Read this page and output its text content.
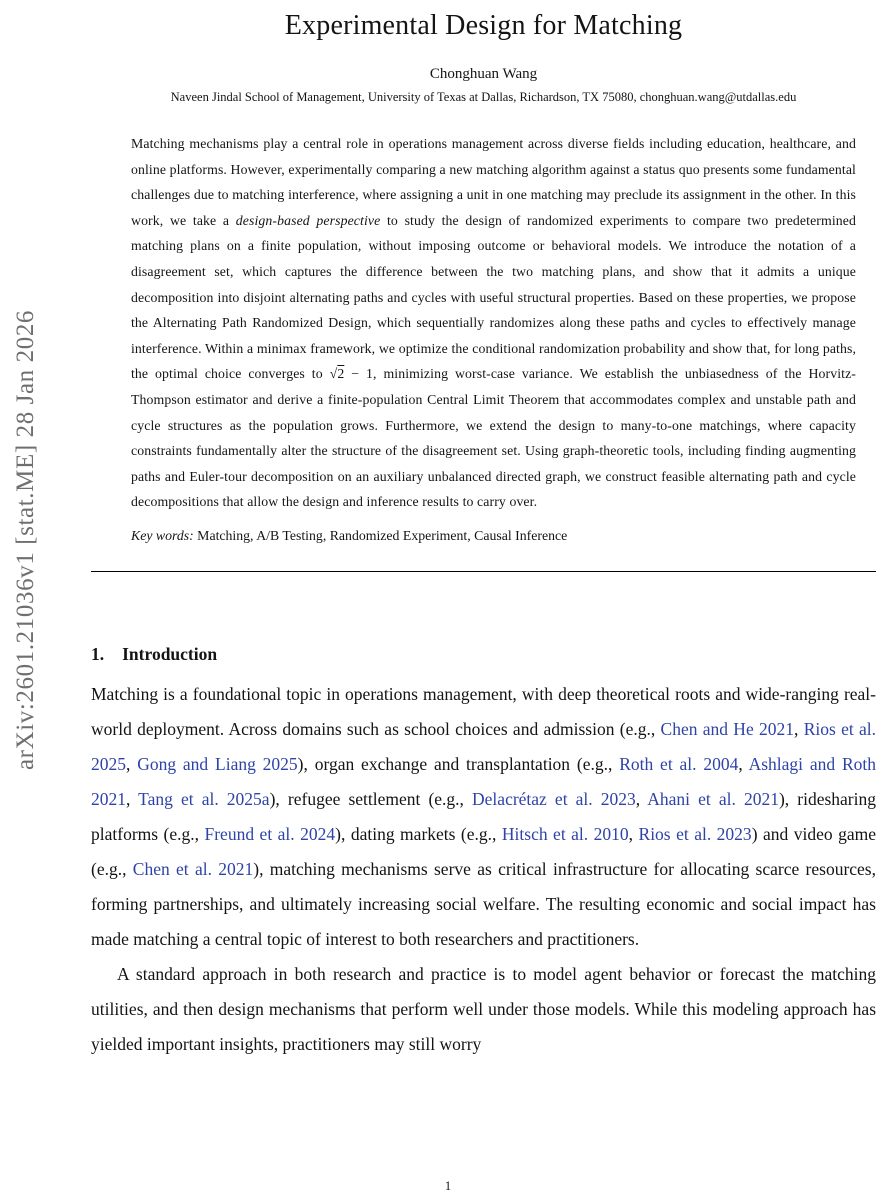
arXiv:2601.21036v1 [stat.ME] 28 Jan 2026
Experimental Design for Matching
Chonghuan Wang
Naveen Jindal School of Management, University of Texas at Dallas, Richardson, TX 75080, chonghuan.wang@utdallas.edu
Matching mechanisms play a central role in operations management across diverse fields including education, healthcare, and online platforms. However, experimentally comparing a new matching algorithm against a status quo presents some fundamental challenges due to matching interference, where assigning a unit in one matching may preclude its assignment in the other. In this work, we take a design-based perspective to study the design of randomized experiments to compare two predetermined matching plans on a finite population, without imposing outcome or behavioral models. We introduce the notation of a disagreement set, which captures the difference between the two matching plans, and show that it admits a unique decomposition into disjoint alternating paths and cycles with useful structural properties. Based on these properties, we propose the Alternating Path Randomized Design, which sequentially randomizes along these paths and cycles to effectively manage interference. Within a minimax framework, we optimize the conditional randomization probability and show that, for long paths, the optimal choice converges to √2 − 1, minimizing worst-case variance. We establish the unbiasedness of the Horvitz-Thompson estimator and derive a finite-population Central Limit Theorem that accommodates complex and unstable path and cycle structures as the population grows. Furthermore, we extend the design to many-to-one matchings, where capacity constraints fundamentally alter the structure of the disagreement set. Using graph-theoretic tools, including finding augmenting paths and Euler-tour decomposition on an auxiliary unbalanced directed graph, we construct feasible alternating path and cycle decompositions that allow the design and inference results to carry over.
Key words: Matching, A/B Testing, Randomized Experiment, Causal Inference
1. Introduction

Matching is a foundational topic in operations management, with deep theoretical roots and wide-ranging real-world deployment. Across domains such as school choices and admission (e.g., Chen and He 2021, Rios et al. 2025, Gong and Liang 2025), organ exchange and transplantation (e.g., Roth et al. 2004, Ashlagi and Roth 2021, Tang et al. 2025a), refugee settlement (e.g., Delacrétaz et al. 2023, Ahani et al. 2021), ridesharing platforms (e.g., Freund et al. 2024), dating markets (e.g., Hitsch et al. 2010, Rios et al. 2023) and video game (e.g., Chen et al. 2021), matching mechanisms serve as critical infrastructure for allocating scarce resources, forming partnerships, and ultimately increasing social welfare. The resulting economic and social impact has made matching a central topic of interest to both researchers and practitioners.

A standard approach in both research and practice is to model agent behavior or forecast the matching utilities, and then design mechanisms that perform well under those models. While this modeling approach has yielded important insights, practitioners may still worry

1
